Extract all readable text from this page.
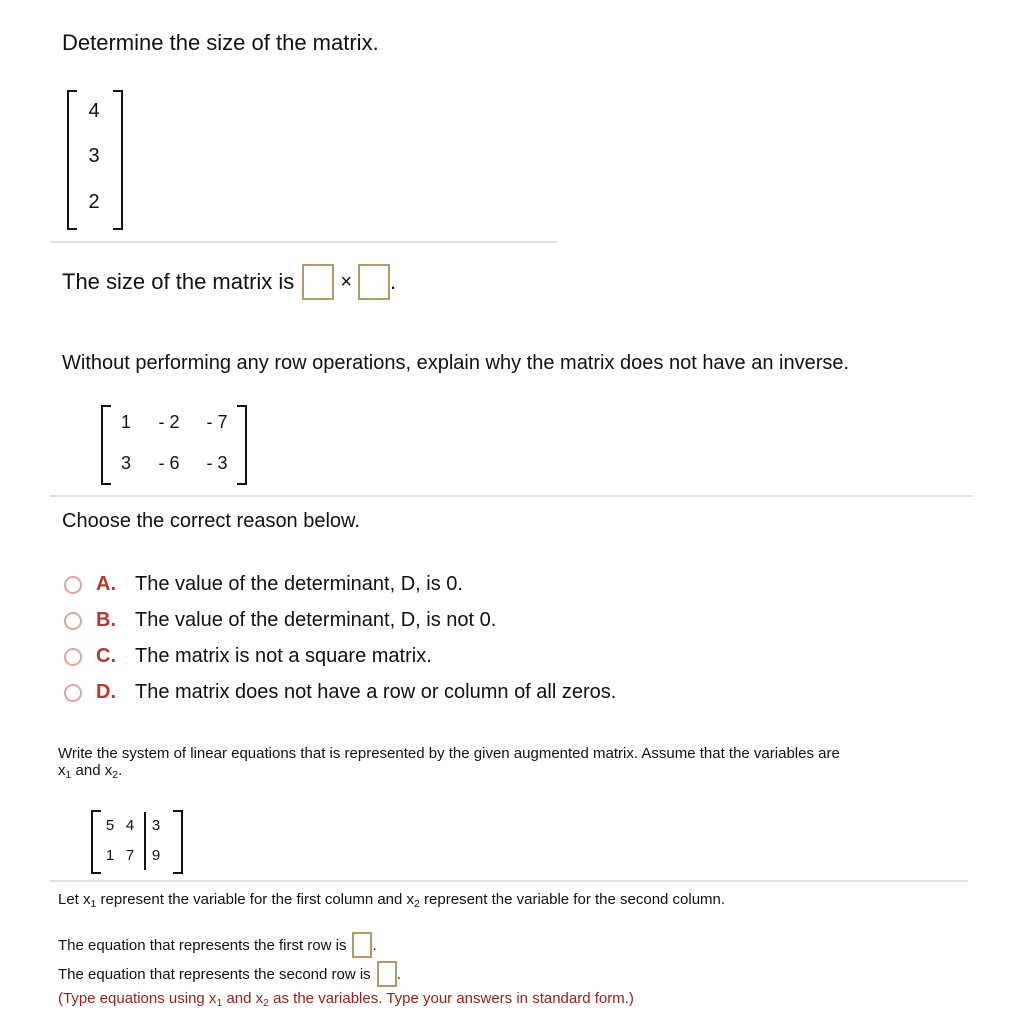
Determine the size of the matrix.
4
3
2
The size of the matrix is × .
Without performing any row operations, explain why the matrix does not have an inverse.
1	- 2	- 7
3	- 6	- 3
Choose the correct reason below.
A. The value of the determinant, D, is 0.
B. The value of the determinant, D, is not 0.
C. The matrix is not a square matrix.
D. The matrix does not have a row or column of all zeros.
Write the system of linear equations that is represented by the given augmented matrix. Assume that the variables are
$x_1$ and $x_2$.
5 4	3
1 7	9
Let $x_1$ represent the variable for the first column and $x_2$ represent the variable for the second column.
The equation that represents the first row is .
The equation that represents the second row is .
(Type equations using $x_1$ and $x_2$ as the variables. Type your answers in standard form.)
